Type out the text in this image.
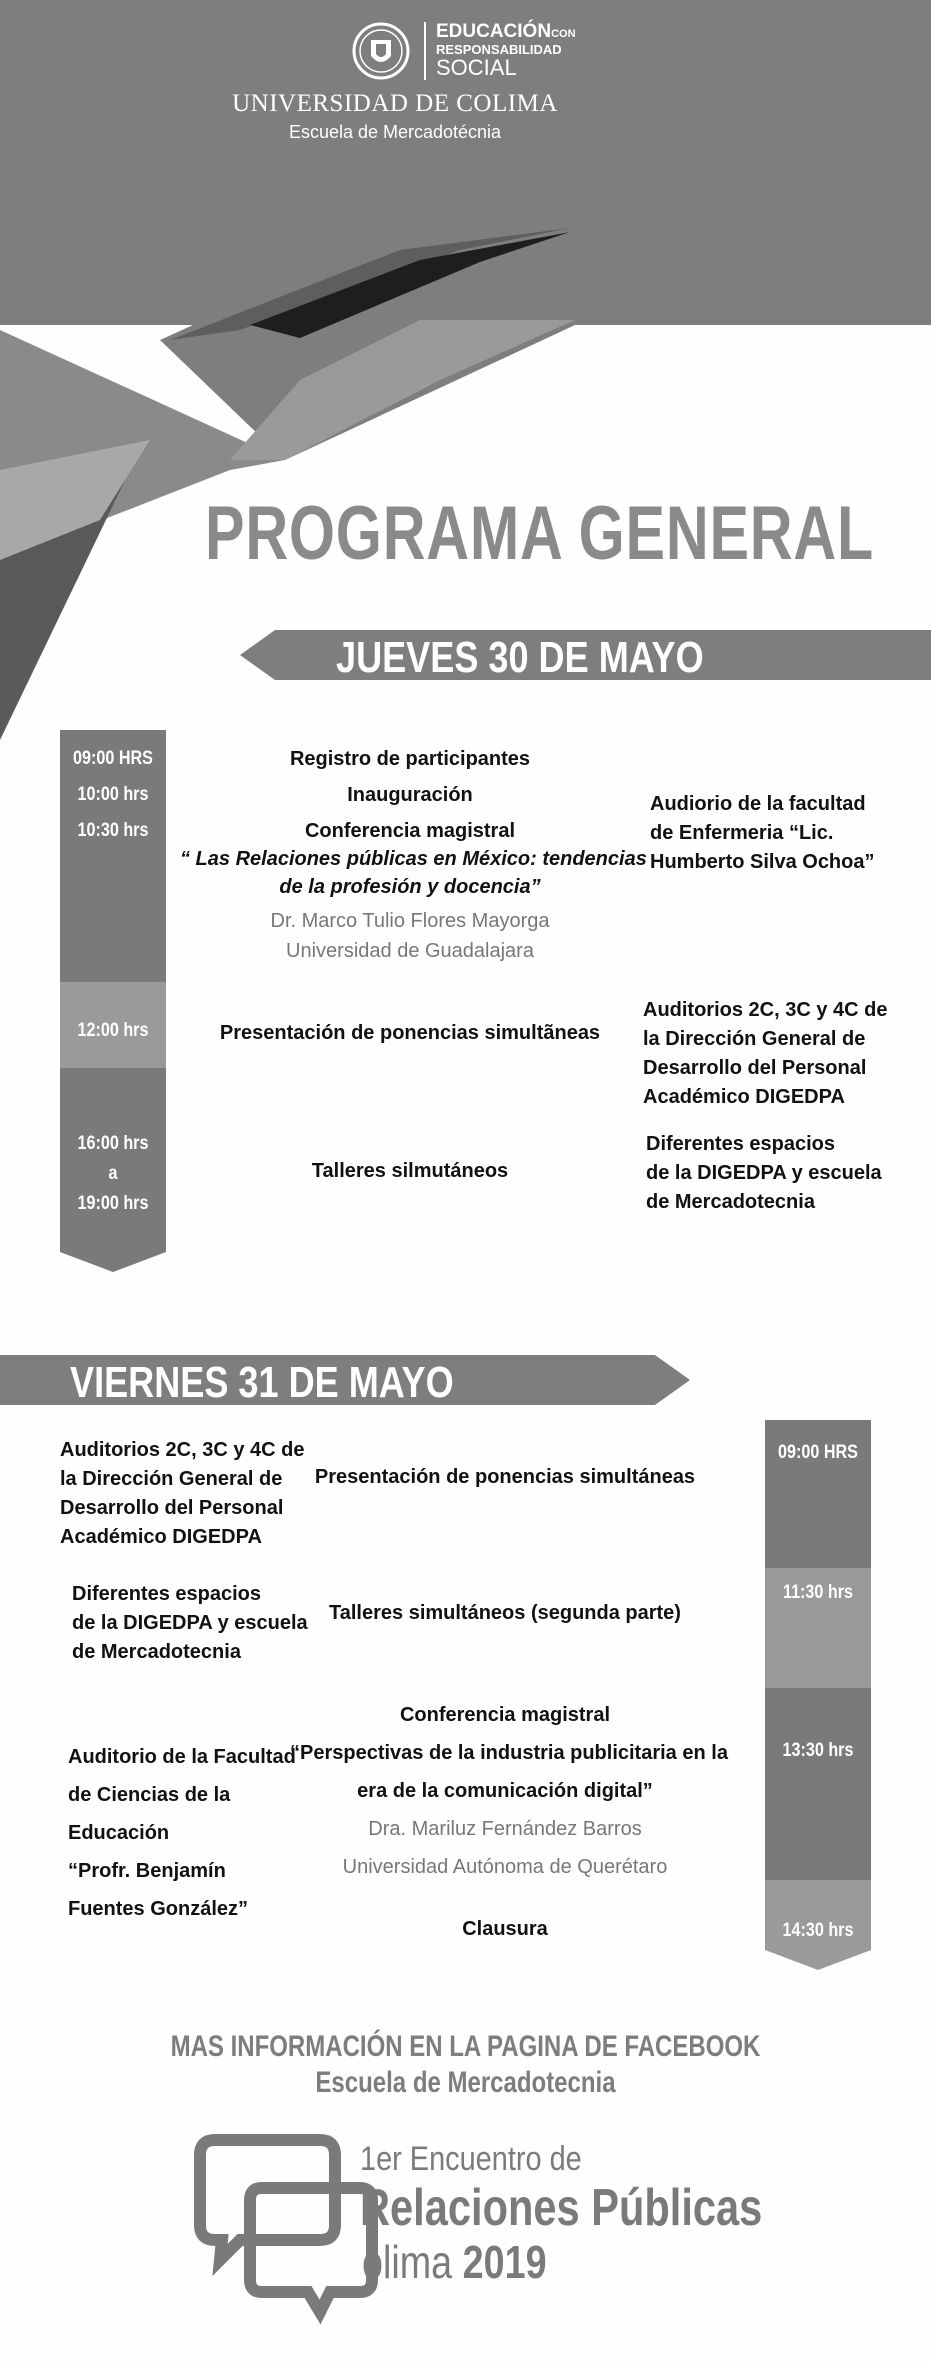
EDUCACIÓNCON
RESPONSABILIDAD
SOCIAL
UNIVERSIDAD DE COLIMA
Escuela de Mercadotécnia
PROGRAMA GENERAL
JUEVES 30 DE MAYO
09:00 HRS
10:00 hrs
10:30 hrs
12:00 hrs
16:00 hrs
a
19:00 hrs
Registro de participantes
Inauguración
Conferencia magistral
“ Las Relaciones públicas en México: tendencias
de la profesión y docencia”
Dr. Marco Tulio Flores Mayorga
Universidad de Guadalajara
Presentación de ponencias simultãneas
Talleres silmutáneos
Audiorio de la facultad
de Enfermeria “Lic.
Humberto Silva Ochoa”
Auditorios 2C, 3C y 4C de
la Dirección General de
Desarrollo del Personal
Académico DIGEDPA
Diferentes espacios
de la DIGEDPA y escuela
de Mercadotecnia
VIERNES 31 DE MAYO
09:00 HRS
11:30 hrs
13:30 hrs
14:30 hrs
Auditorios 2C, 3C y 4C de
la Dirección General de
Desarrollo del Personal
Académico DIGEDPA
Diferentes espacios
de la DIGEDPA y escuela
de Mercadotecnia
Auditorio de la Facultad
de Ciencias de la
Educación
“Profr. Benjamín
Fuentes González”
Presentación de ponencias simultáneas
Talleres simultáneos (segunda parte)
Conferencia magistral
“Perspectivas de la industria publicitaria en la
era de la comunicación digital”
Dra. Mariluz Fernández Barros
Universidad Autónoma de Querétaro
Clausura
MAS INFORMACIÓN EN LA PAGINA DE FACEBOOK
Escuela de Mercadotecnia
1er Encuentro de
Relaciones Públicas
olima 2019
